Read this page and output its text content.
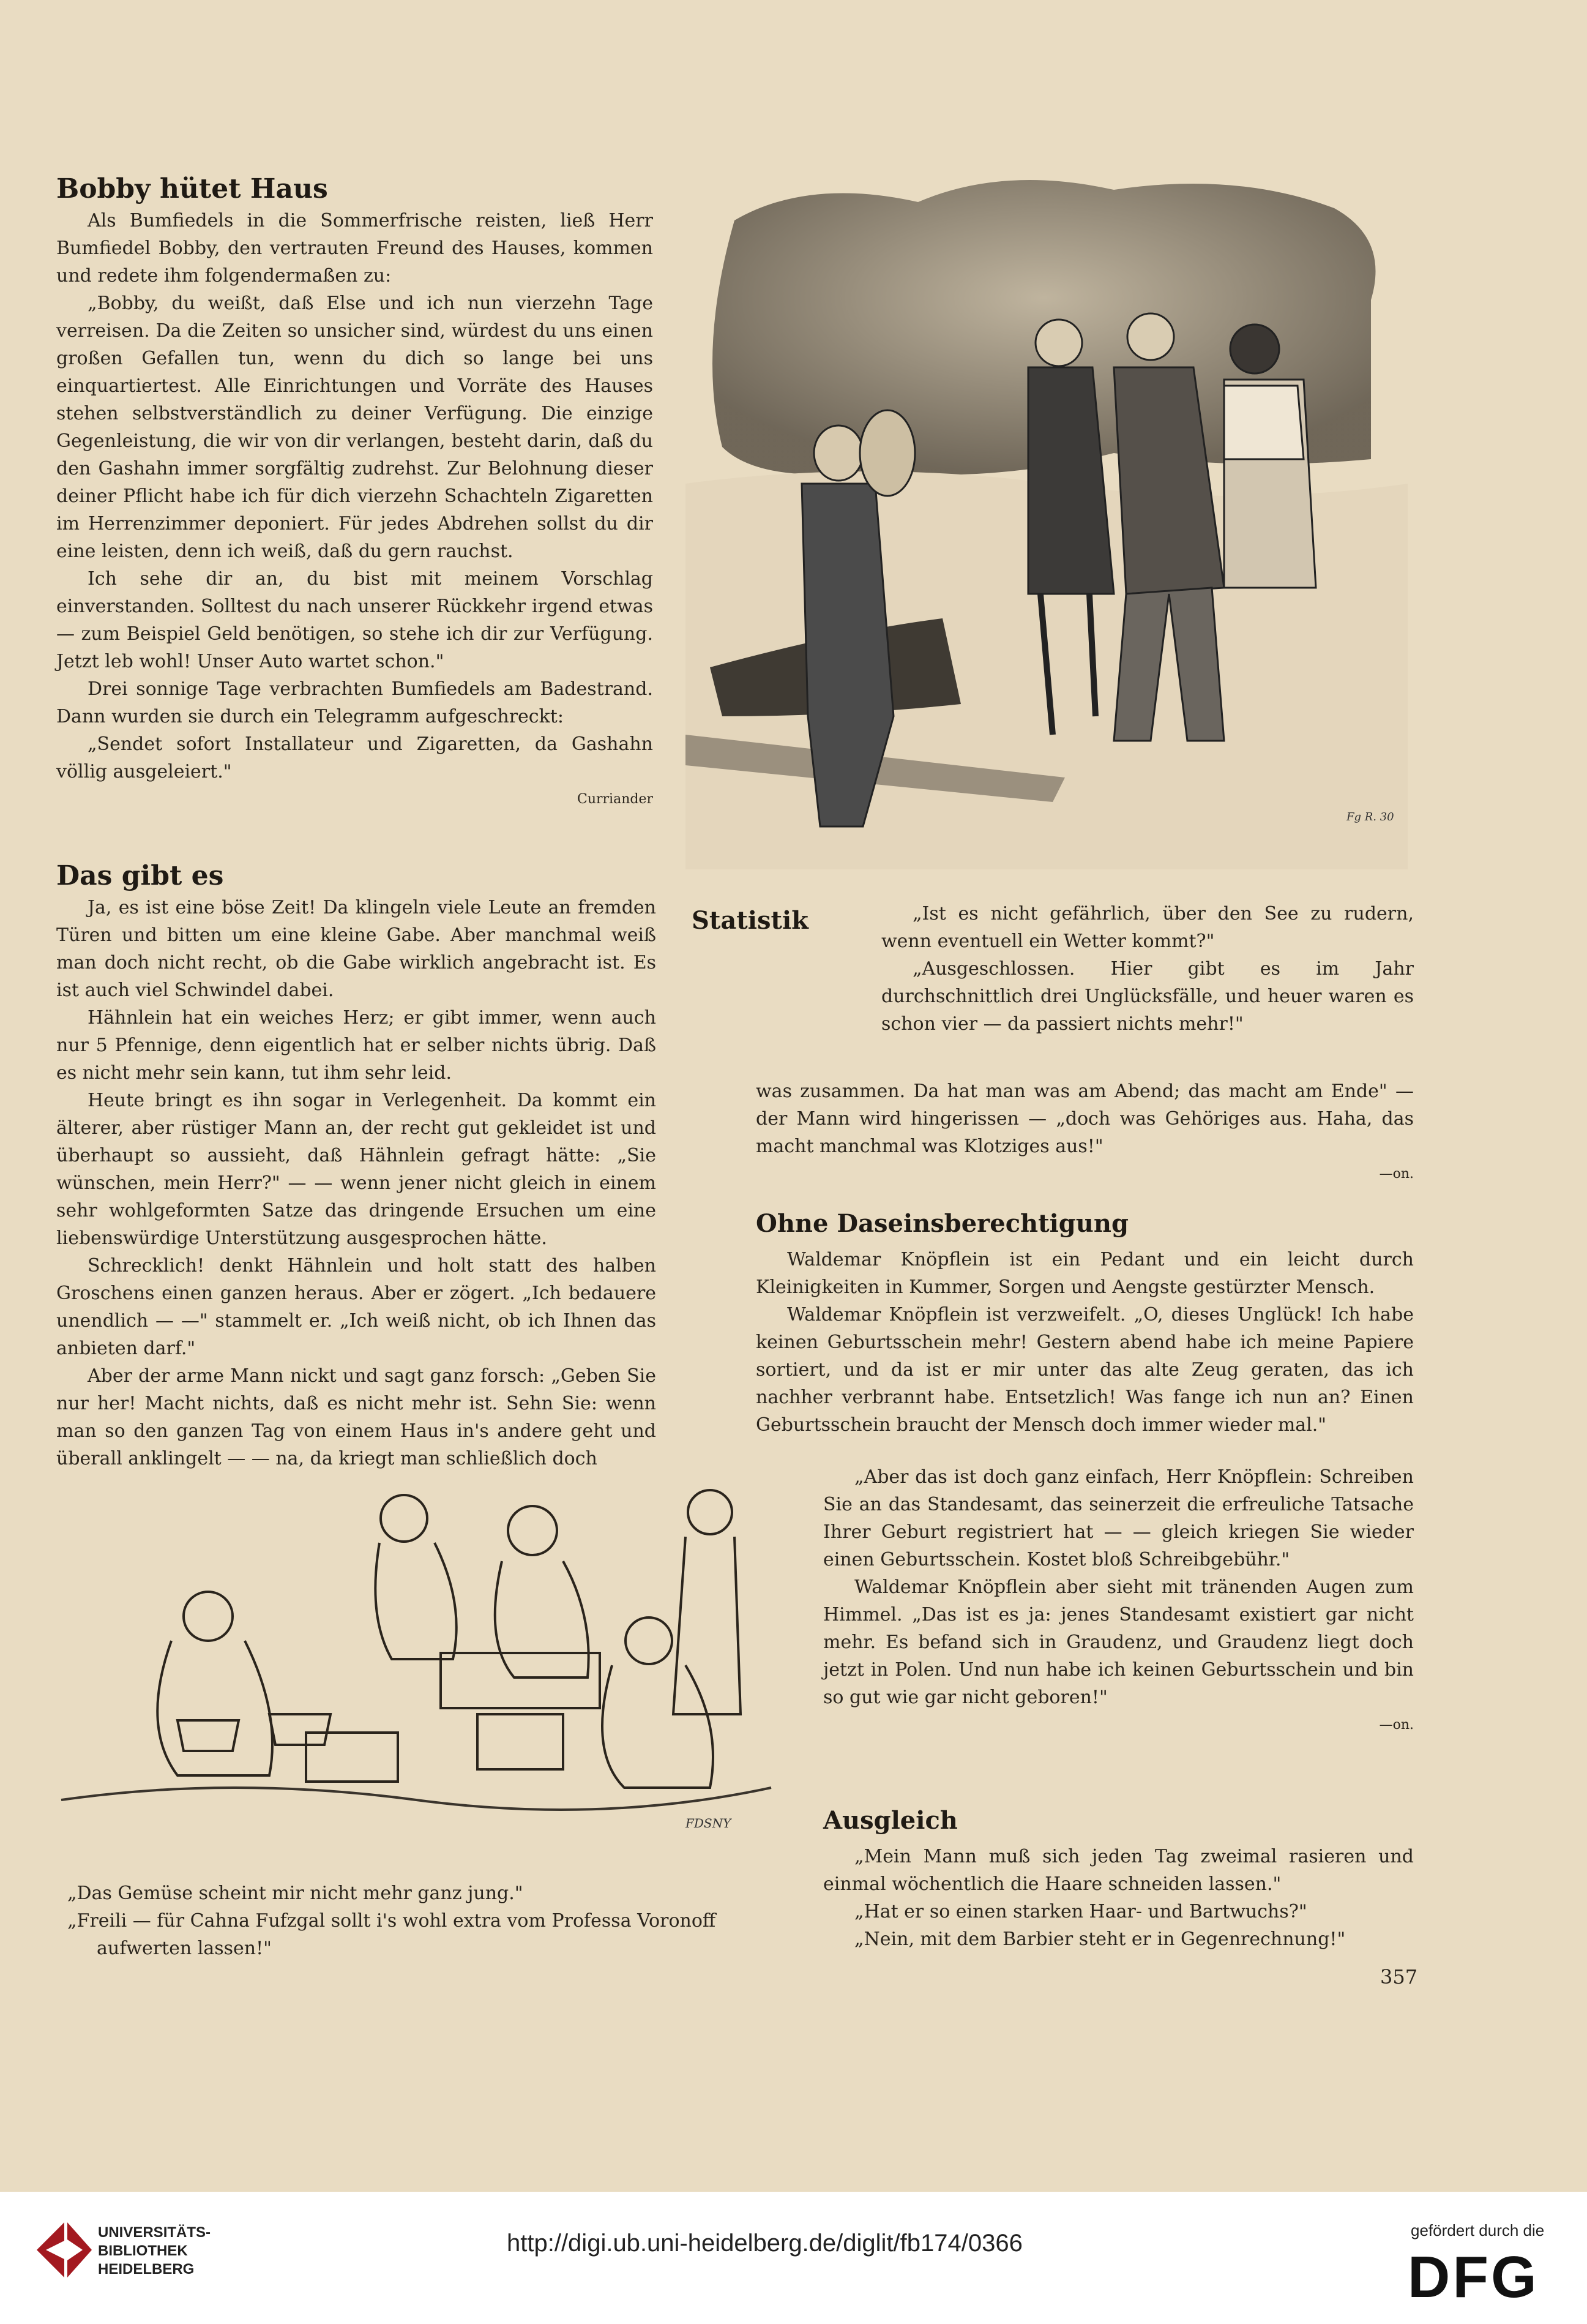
Bobby hütet Haus

Als Bumfiedels in die Sommerfrische reisten, ließ Herr Bumfiedel Bobby, den vertrauten Freund des Hauses, kommen und redete ihm folgendermaßen zu:

„Bobby, du weißt, daß Else und ich nun vierzehn Tage verreisen. Da die Zeiten so unsicher sind, würdest du uns einen großen Gefallen tun, wenn du dich so lange bei uns einquartiertest. Alle Einrichtungen und Vorräte des Hauses stehen selbstverständlich zu deiner Verfügung. Die einzige Gegenleistung, die wir von dir verlangen, besteht darin, daß du den Gashahn immer sorgfältig zudrehst. Zur Belohnung dieser deiner Pflicht habe ich für dich vierzehn Schachteln Zigaretten im Herrenzimmer deponiert. Für jedes Abdrehen sollst du dir eine leisten, denn ich weiß, daß du gern rauchst.

Ich sehe dir an, du bist mit meinem Vorschlag einverstanden. Solltest du nach unserer Rückkehr irgend etwas — zum Beispiel Geld benötigen, so stehe ich dir zur Verfügung. Jetzt leb wohl! Unser Auto wartet schon."

Drei sonnige Tage verbrachten Bumfiedels am Badestrand. Dann wurden sie durch ein Telegramm aufgeschreckt:

„Sendet sofort Installateur und Zigaretten, da Gashahn völlig ausgeleiert."

Curriander
Fg R. 30
Das gibt es

Ja, es ist eine böse Zeit! Da klingeln viele Leute an fremden Türen und bitten um eine kleine Gabe. Aber manchmal weiß man doch nicht recht, ob die Gabe wirklich angebracht ist. Es ist auch viel Schwindel dabei.

Hähnlein hat ein weiches Herz; er gibt immer, wenn auch nur 5 Pfennige, denn eigentlich hat er selber nichts übrig. Daß es nicht mehr sein kann, tut ihm sehr leid.

Heute bringt es ihn sogar in Verlegenheit. Da kommt ein älterer, aber rüstiger Mann an, der recht gut gekleidet ist und überhaupt so aussieht, daß Hähnlein gefragt hätte: „Sie wünschen, mein Herr?" — — wenn jener nicht gleich in einem sehr wohlgeformten Satze das dringende Ersuchen um eine liebenswürdige Unterstützung ausgesprochen hätte.

Schrecklich! denkt Hähnlein und holt statt des halben Groschens einen ganzen heraus. Aber er zögert. „Ich bedauere unendlich — —" stammelt er. „Ich weiß nicht, ob ich Ihnen das anbieten darf."

Aber der arme Mann nickt und sagt ganz forsch: „Geben Sie nur her! Macht nichts, daß es nicht mehr ist. Sehn Sie: wenn man so den ganzen Tag von einem Haus in's andere geht und überall anklingelt — — na, da kriegt man schließlich doch

Statistik	„Ist es nicht gefährlich, über den See zu rudern, wenn eventuell ein Wetter kommt?"

„Ausgeschlossen. Hier gibt es im Jahr durchschnittlich drei Unglücksfälle, und heuer waren es schon vier — da passiert nichts mehr!"

was zusammen. Da hat man was am Abend; das macht am Ende" — der Mann wird hingerissen — „doch was Gehöriges aus. Haha, das macht manchmal was Klotziges aus!"

—on.
Ohne Daseinsberechtigung

Waldemar Knöpflein ist ein Pedant und ein leicht durch Kleinigkeiten in Kummer, Sorgen und Aengste gestürzter Mensch.

Waldemar Knöpflein ist verzweifelt. „O, dieses Unglück! Ich habe keinen Geburtsschein mehr! Gestern abend habe ich meine Papiere sortiert, und da ist er mir unter das alte Zeug geraten, das ich nachher verbrannt habe. Entsetzlich! Was fange ich nun an? Einen Geburtsschein braucht der Mensch doch immer wieder mal."

„Aber das ist doch ganz einfach, Herr Knöpflein: Schreiben Sie an das Standesamt, das seinerzeit die erfreuliche Tatsache Ihrer Geburt registriert hat — — gleich kriegen Sie wieder einen Geburtsschein. Kostet bloß Schreibgebühr."

Waldemar Knöpflein aber sieht mit tränenden Augen zum Himmel. „Das ist es ja: jenes Standesamt existiert gar nicht mehr. Es befand sich in Graudenz, und Graudenz liegt doch jetzt in Polen. Und nun habe ich keinen Geburtsschein und bin so gut wie gar nicht geboren!"

—on.
FDSNY
„Das Gemüse scheint mir nicht mehr ganz jung."
„Freili — für Cahna Fufzgal sollt i's wohl extra vom Professa Voronoff aufwerten lassen!"
Ausgleich

„Mein Mann muß sich jeden Tag zweimal rasieren und einmal wöchentlich die Haare schneiden lassen."

„Hat er so einen starken Haar- und Bartwuchs?"

„Nein, mit dem Barbier steht er in Gegenrechnung!"

357
UNIVERSITÄTS-
BIBLIOTHEK
HEIDELBERG
http://digi.ub.uni-heidelberg.de/diglit/fb174/0366	gefördert durch die
DFG
